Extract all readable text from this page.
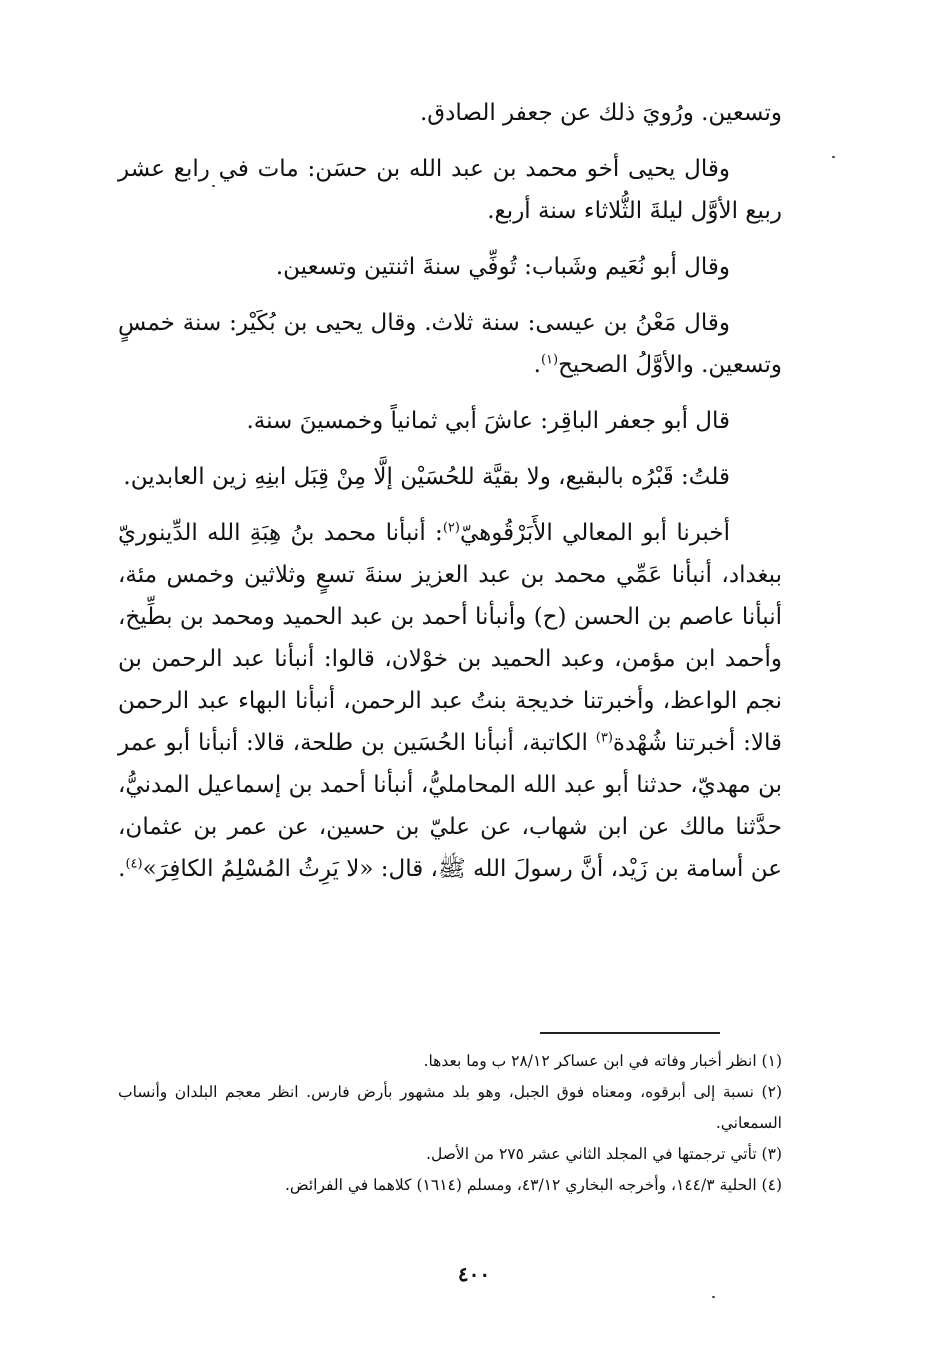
وتسعين. ورُويَ ذلك عن جعفر الصادق.

وقال يحيى أخو محمد بن عبد الله بن حسَن: مات في رابع عشر ربيع الأوَّل ليلةَ الثُّلاثاء سنة أربع.

وقال أبو نُعَيم وشَباب: تُوفِّي سنةَ اثنتين وتسعين.

وقال مَعْنُ بن عيسى: سنة ثلاث. وقال يحيى بن بُكَيْر: سنة خمسٍ وتسعين. والأوَّلُ الصحيح$^{(١)}$.

قال أبو جعفر الباقِر: عاشَ أبي ثمانياً وخمسينَ سنة.

قلتُ: قَبْرُه بالبقيع، ولا بقيَّة للحُسَيْن إلَّا مِنْ قِبَل ابنِهِ زين العابدين.

أخبرنا أبو المعالي الأَبَرْقُوهيّ$^{(٢)}$: أنبأنا محمد بنُ هِبَةِ الله الدِّينوريّ ببغداد، أنبأنا عَمِّي محمد بن عبد العزيز سنةَ تسعٍ وثلاثين وخمس مئة، أنبأنا عاصم بن الحسن (ح) وأنبأنا أحمد بن عبد الحميد ومحمد بن بطِّيخ، وأحمد ابن مؤمن، وعبد الحميد بن خوْلان، قالوا: أنبأنا عبد الرحمن بن نجم الواعظ، وأخبرتنا خديجة بنتُ عبد الرحمن، أنبأنا البهاء عبد الرحمن قالا: أخبرتنا شُهْدة$^{(٣)}$ الكاتبة، أنبأنا الحُسَين بن طلحة، قالا: أنبأنا أبو عمر بن مهديّ، حدثنا أبو عبد الله المحامليُّ، أنبأنا أحمد بن إسماعيل المدنيُّ، حدَّثنا مالك عن ابن شهاب، عن عليّ بن حسين، عن عمر بن عثمان، عن أسامة بن زَيْد، أنَّ رسولَ الله ﷺ، قال: «لا يَرِثُ المُسْلِمُ الكافِرَ»$^{(٤)}$.

(١) انظر أخبار وفاته في ابن عساكر ٢٨/١٢ ب وما بعدها.

(٢) نسبة إلى أبرقوه، ومعناه فوق الجبل، وهو بلد مشهور بأرض فارس. انظر معجم البلدان وأنساب السمعاني.

(٣) تأتي ترجمتها في المجلد الثاني عشر ٢٧٥ من الأصل.

(٤) الحلية ١٤٤/٣، وأخرجه البخاري ٤٣/١٢، ومسلم (١٦١٤) كلاهما في الفرائض.

٤٠٠
